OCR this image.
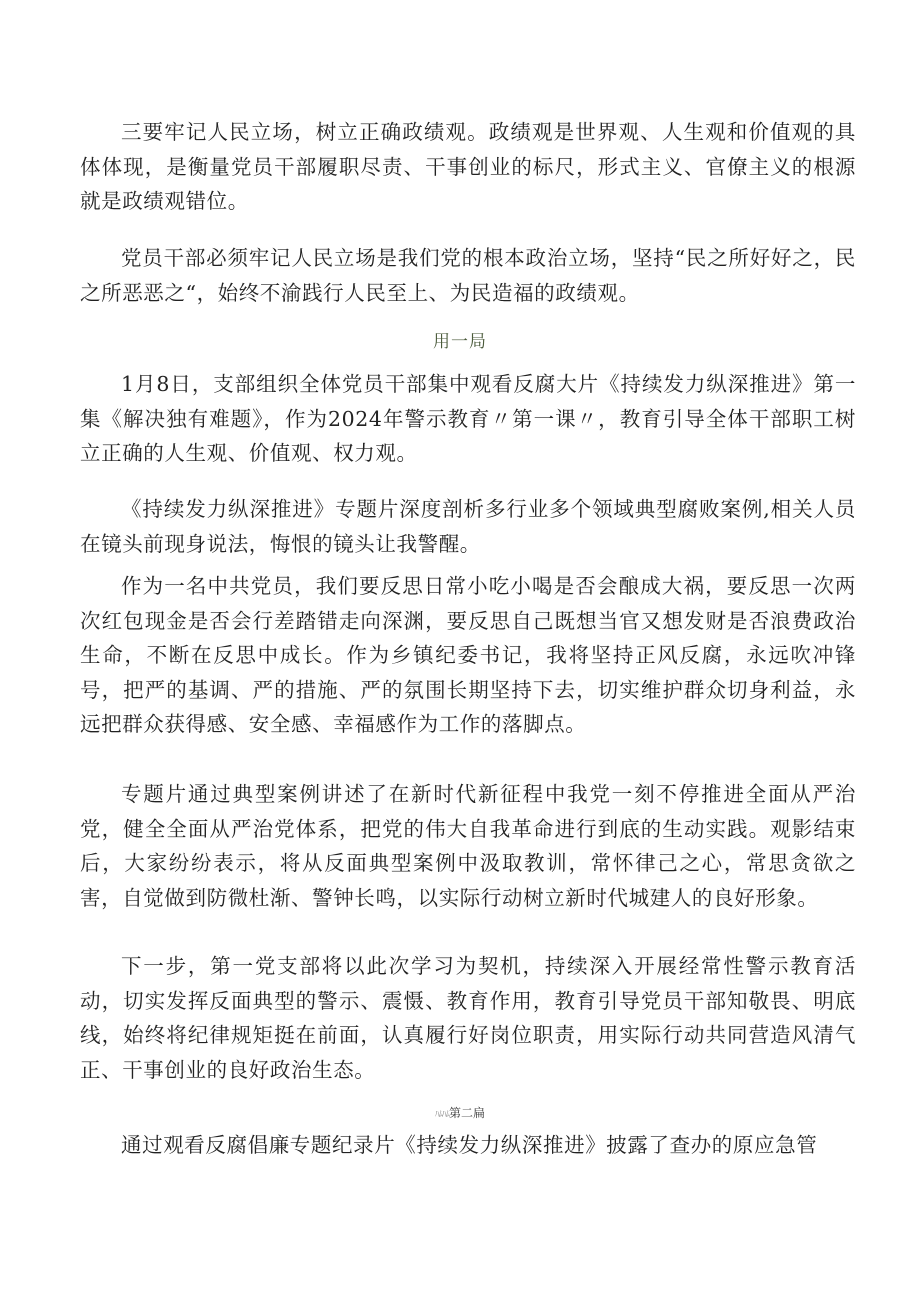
三要牢记人民立场，树立正确政绩观。政绩观是世界观、人生观和价值观的具体体现，是衡量党员干部履职尽责、干事创业的标尺，形式主义、官僚主义的根源就是政绩观错位。

党员干部必须牢记人民立场是我们党的根本政治立场，坚持“民之所好好之，民之所恶恶之“，始终不渝践行人民至上、为民造福的政绩观。

用一局

1月8日，支部组织全体党员干部集中观看反腐大片《持续发力纵深推进》第一集《解决独有难题》，作为2024年警示教育〃第一课〃，教育引导全体干部职工树立正确的人生观、价值观、权力观。

《持续发力纵深推进》专题片深度剖析多行业多个领域典型腐败案例,相关人员在镜头前现身说法，悔恨的镜头让我警醒。

作为一名中共党员，我们要反思日常小吃小喝是否会酿成大祸，要反思一次两次红包现金是否会行差踏错走向深渊，要反思自己既想当官又想发财是否浪费政治生命，不断在反思中成长。作为乡镇纪委书记，我将坚持正风反腐，永远吹冲锋号，把严的基调、严的措施、严的氛围长期坚持下去，切实维护群众切身利益，永远把群众获得感、安全感、幸福感作为工作的落脚点。

专题片通过典型案例讲述了在新时代新征程中我党一刻不停推进全面从严治党，健全全面从严治党体系，把党的伟大自我革命进行到底的生动实践。观影结束后，大家纷纷表示，将从反面典型案例中汲取教训，常怀律己之心，常思贪欲之害，自觉做到防微杜渐、警钟长鸣，以实际行动树立新时代城建人的良好形象。

下一步，第一党支部将以此次学习为契机，持续深入开展经常性警示教育活动，切实发挥反面典型的警示、震慑、教育作用，教育引导党员干部知敬畏、明底线，始终将纪律规矩挺在前面，认真履行好岗位职责，用实际行动共同营造风清气正、干事创业的良好政治生态。

ﾊﾑﾊﾑ第二扁

通过观看反腐倡廉专题纪录片《持续发力纵深推进》披露了查办的原应急管
